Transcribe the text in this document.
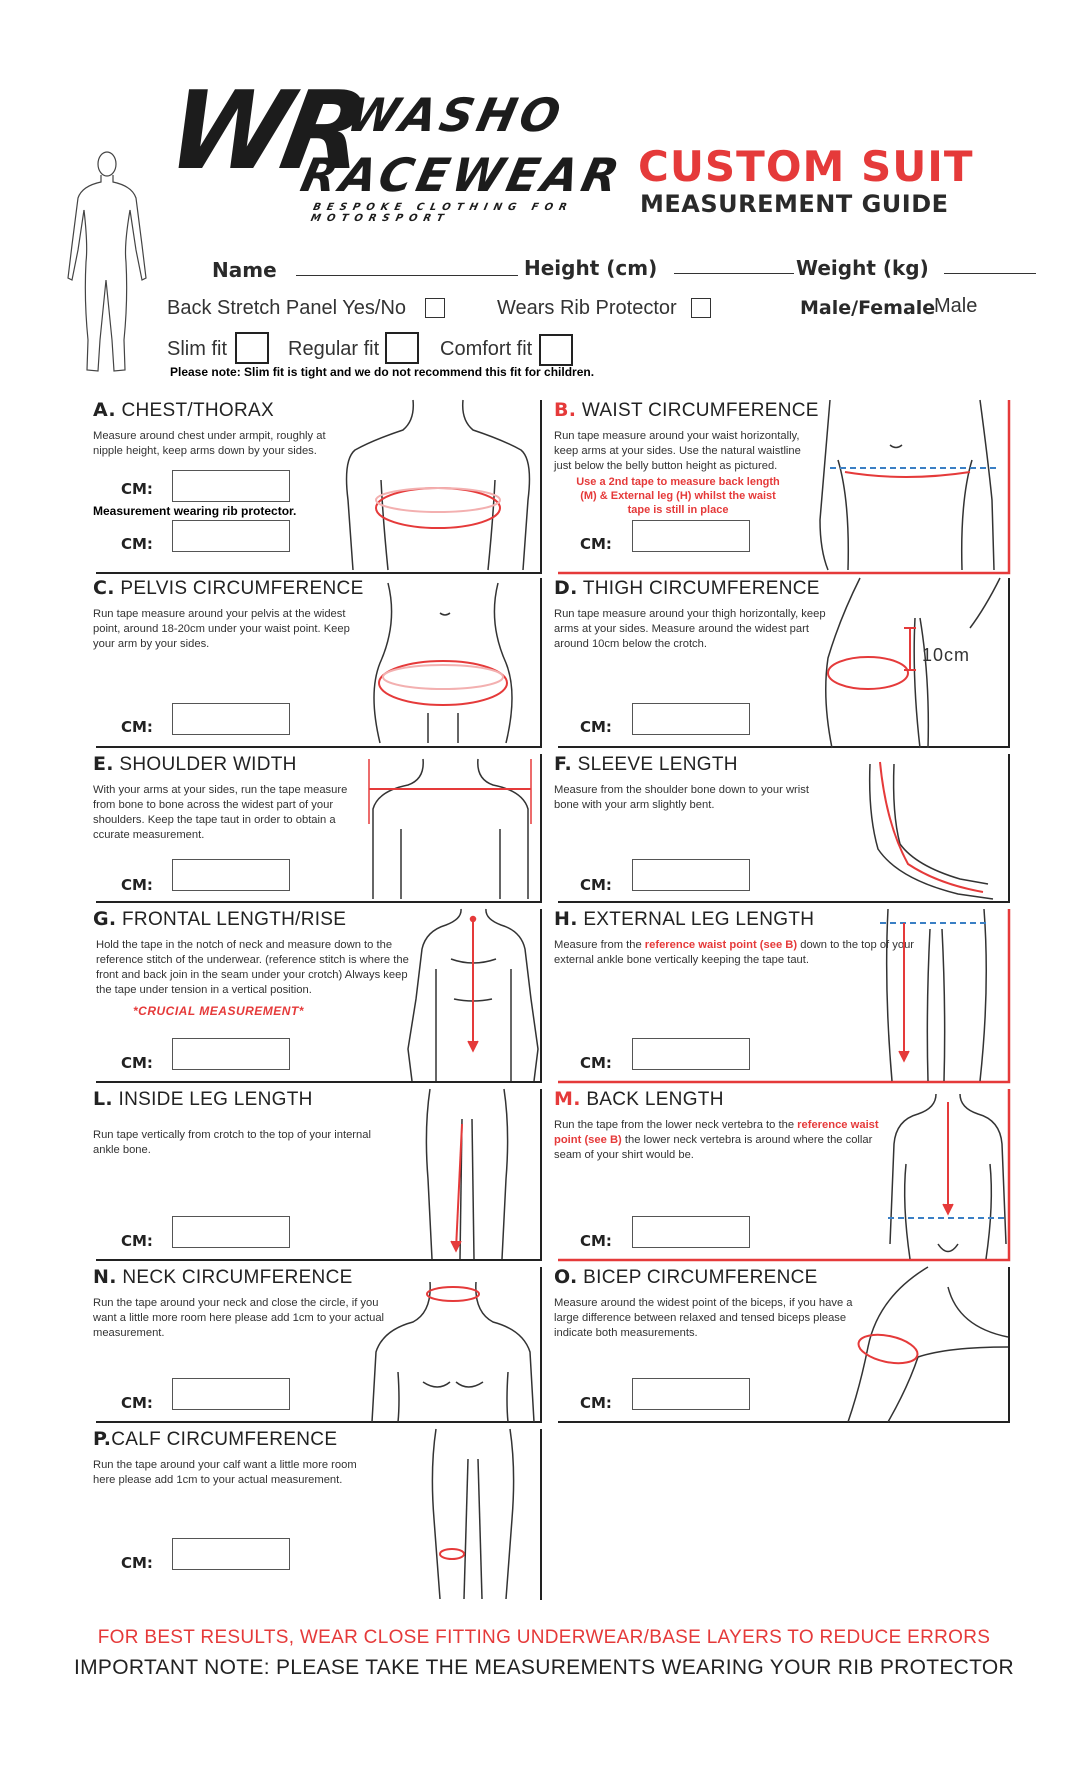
WR
WASHO
RACEWEAR
BESPOKE CLOTHING FOR MOTORSPORT
CUSTOM SUIT
MEASUREMENT GUIDE
Name	Height (cm)	Weight (kg)
Back Stretch Panel Yes/No	Wears Rib Protector	Male/Female
Male
Slim fit	Regular fit	Comfort fit
Please note: Slim fit is tight and we do not recommend this fit for children.
A. CHEST/THORAX
Measure around chest under armpit, roughly at nipple height, keep arms down by your sides.
CM:
Measurement wearing rib protector.
CM:
B. WAIST CIRCUMFERENCE
Run tape measure around your waist horizontally, keep arms at your sides. Use the natural waistline just below the belly button height as pictured.
Use a 2nd tape to measure back length (M) & External leg (H) whilst the waist tape is still in place
CM:
C. PELVIS CIRCUMFERENCE
Run tape measure around your pelvis at the widest point, around 18-20cm under your waist point. Keep your arm by your sides.
CM:
D. THIGH CIRCUMFERENCE
Run tape measure around your thigh horizontally, keep arms at your sides. Measure around the widest part around 10cm below the crotch.
CM:
10cm
E. SHOULDER WIDTH
With your arms at your sides, run the tape measure from bone to bone across the widest part of your shoulders. Keep the tape taut in order to obtain a ccurate measurement.
CM:
F. SLEEVE LENGTH
Measure from the shoulder bone down to your wrist bone with your arm slightly bent.
CM:
G. FRONTAL LENGTH/RISE
Hold the tape in the notch of neck and measure down to the reference stitch of the underwear. (reference stitch is where the front and back join in the seam under your crotch) Always keep the tape under tension in a vertical position.
*CRUCIAL MEASUREMENT*
CM:
H. EXTERNAL LEG LENGTH
Measure from the reference waist point (see B) down to the top of your external ankle bone vertically keeping the tape taut.
CM:
L. INSIDE LEG LENGTH
Run tape vertically from crotch to the top of your internal ankle bone.
CM:
M. BACK LENGTH
Run the tape from the lower neck vertebra to the reference waist point (see B) the lower neck vertebra is around where the collar seam of your shirt would be.
CM:
N. NECK CIRCUMFERENCE
Run the tape around your neck and close the circle, if you want a little more room here please add 1cm to your actual measurement.
CM:
O. BICEP CIRCUMFERENCE
Measure around the widest point of the biceps, if you have a large difference between relaxed and tensed biceps please indicate both measurements.
CM:
P.CALF CIRCUMFERENCE
Run the tape around your calf want a little more room here please add 1cm to your actual measurement.
CM:
FOR BEST RESULTS, WEAR CLOSE FITTING UNDERWEAR/BASE LAYERS TO REDUCE ERRORS
IMPORTANT NOTE: PLEASE TAKE THE MEASUREMENTS WEARING YOUR RIB PROTECTOR
